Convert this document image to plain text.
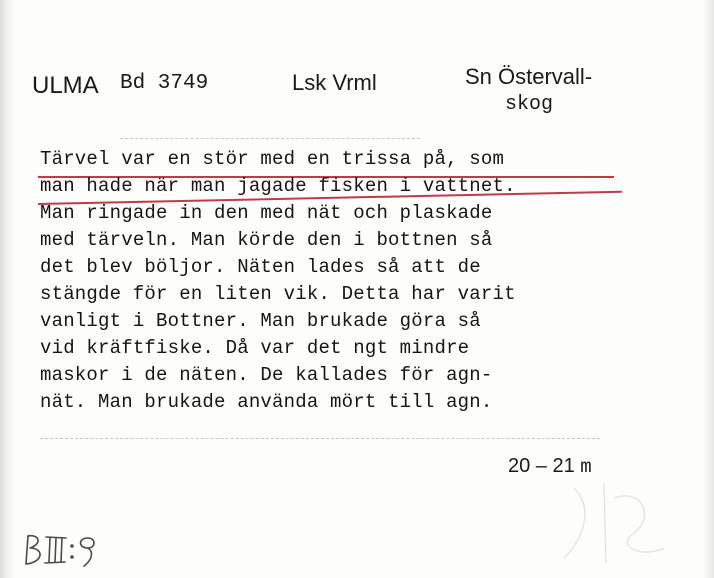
ULMA Bd 3749	Lsk Vrml	Sn Östervall-
skog
Tärvel var en stör med en trissa på, som
man hade när man jagade fisken i vattnet.
Man ringade in den med nät och plaskade
med tärveln. Man körde den i bottnen så
det blev böljor. Näten lades så att de
stängde för en liten vik. Detta har varit
vanligt i Bottner. Man brukade göra så
vid kräftfiske. Då var det ngt mindre
maskor i de näten. De kallades för agn-
nät. Man brukade använda mört till agn.
20 – 21 m
